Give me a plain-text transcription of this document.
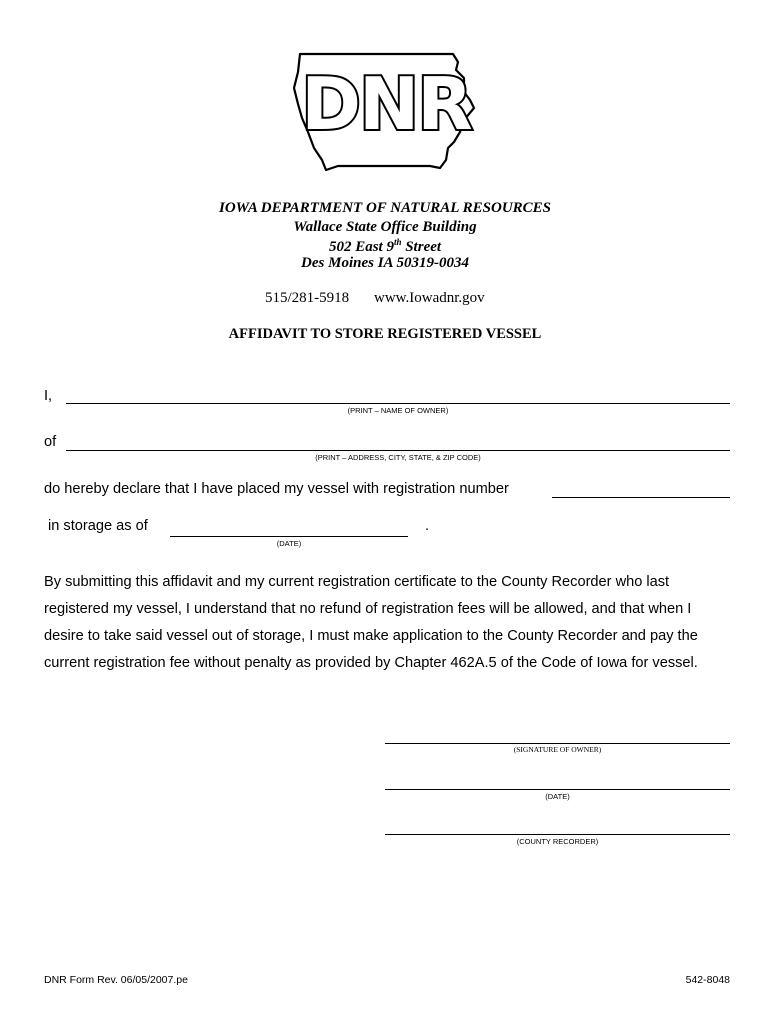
DNR
IOWA DEPARTMENT OF NATURAL RESOURCES
Wallace State Office Building
502 East 9th Street
Des Moines IA 50319-0034
515/281-5918 www.Iowadnr.gov
AFFIDAVIT TO STORE REGISTERED VESSEL
I,
(PRINT – NAME OF OWNER)
of
(PRINT – ADDRESS, CITY, STATE, & ZIP CODE)
do hereby declare that I have placed my vessel with registration number
in storage as of	.
(DATE)
By submitting this affidavit and my current registration certificate to the County Recorder who last
registered my vessel, I understand that no refund of registration fees will be allowed, and that when I
desire to take said vessel out of storage, I must make application to the County Recorder and pay the
current registration fee without penalty as provided by Chapter 462A.5 of the Code of Iowa for vessel.
(SIGNATURE OF OWNER)
(DATE)
(COUNTY RECORDER)
DNR Form Rev. 06/05/2007.pe	542-8048
